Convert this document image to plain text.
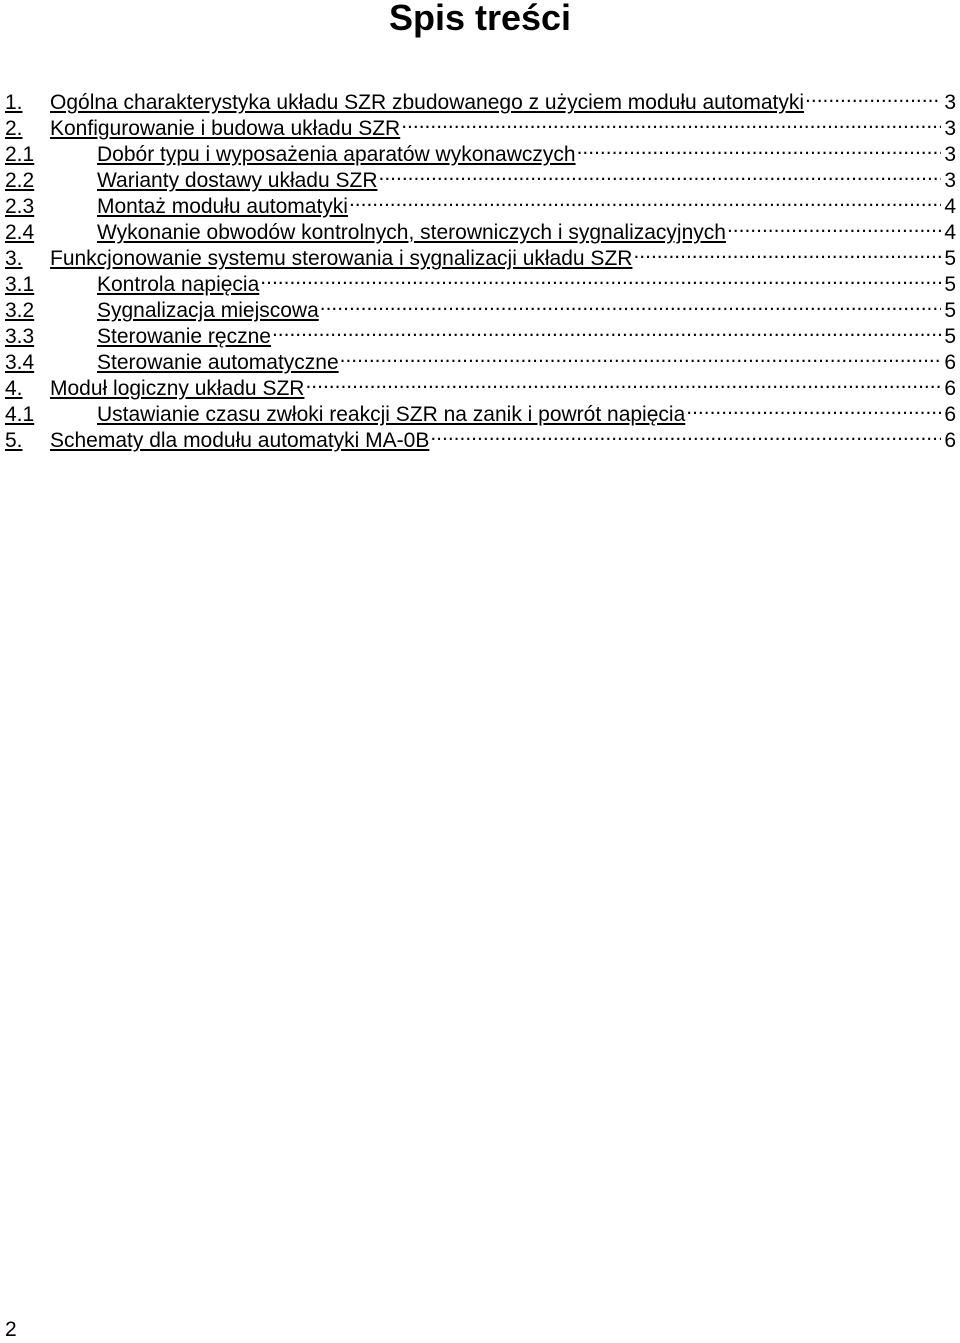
Spis treści
1.	Ogólna charakterystyka układu SZR zbudowanego z użyciem modułu automatyki .....	3
2.	Konfigurowanie i budowa układu SZR .....	3
2.1	Dobór typu i wyposażenia aparatów wykonawczych .....	3
2.2	Warianty dostawy układu SZR .....	3
2.3	Montaż modułu automatyki .....	4
2.4	Wykonanie obwodów kontrolnych, sterowniczych i sygnalizacyjnych .....	4
3.	Funkcjonowanie systemu sterowania i sygnalizacji układu SZR .....	5
3.1	Kontrola napięcia .....	5
3.2	Sygnalizacja miejscowa .....	5
3.3	Sterowanie ręczne .....	5
3.4	Sterowanie automatyczne .....	6
4.	Moduł logiczny układu SZR .....	6
4.1	Ustawianie czasu zwłoki reakcji SZR na zanik i powrót napięcia .....	6
5.	Schematy dla modułu automatyki MA-0B .....	6
2
